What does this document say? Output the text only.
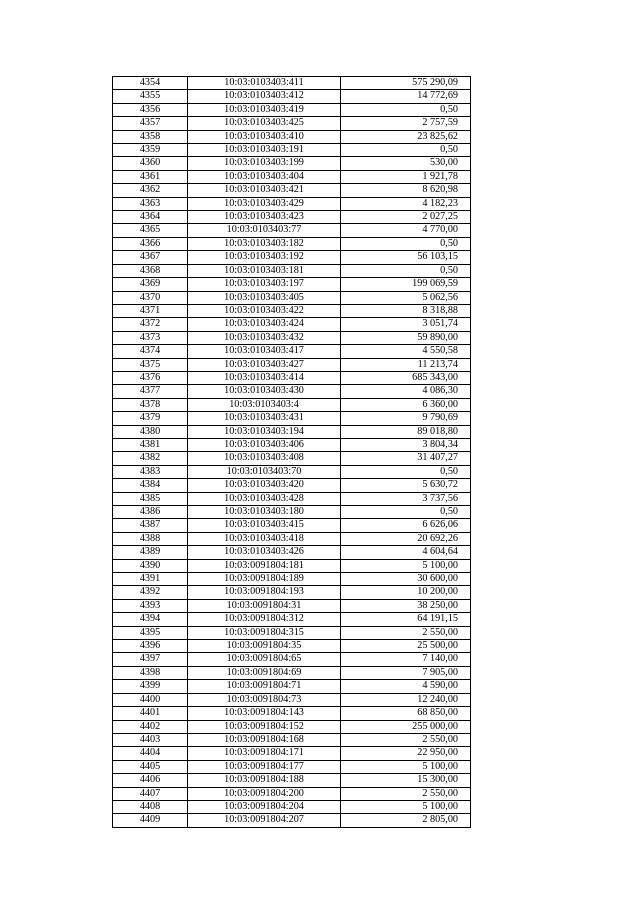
4354	10:03:0103403:411	575 290,09
4355	10:03:0103403:412	14 772,69
4356	10:03:0103403:419	0,50
4357	10:03:0103403:425	2 757,59
4358	10:03:0103403:410	23 825,62
4359	10:03:0103403:191	0,50
4360	10:03:0103403:199	530,00
4361	10:03:0103403:404	1 921,78
4362	10:03:0103403:421	8 620,98
4363	10:03:0103403:429	4 182,23
4364	10:03:0103403:423	2 027,25
4365	10:03:0103403:77	4 770,00
4366	10:03:0103403:182	0,50
4367	10:03:0103403:192	56 103,15
4368	10:03:0103403:181	0,50
4369	10:03:0103403:197	199 069,59
4370	10:03:0103403:405	5 062,56
4371	10:03:0103403:422	8 318,88
4372	10:03:0103403:424	3 051,74
4373	10:03:0103403:432	59 890,00
4374	10:03:0103403:417	4 550,58
4375	10:03:0103403:427	11 213,74
4376	10:03:0103403:414	685 343,00
4377	10:03:0103403:430	4 086,30
4378	10:03:0103403:4	6 360,00
4379	10:03:0103403:431	9 790,69
4380	10:03:0103403:194	89 018,80
4381	10:03:0103403:406	3 804,34
4382	10:03:0103403:408	31 407,27
4383	10:03:0103403:70	0,50
4384	10:03:0103403:420	5 630,72
4385	10:03:0103403:428	3 737,56
4386	10:03:0103403:180	0,50
4387	10:03:0103403:415	6 626,06
4388	10:03:0103403:418	20 692,26
4389	10:03:0103403:426	4 604,64
4390	10:03:0091804:181	5 100,00
4391	10:03:0091804:189	30 600,00
4392	10:03:0091804:193	10 200,00
4393	10:03:0091804:31	38 250,00
4394	10:03:0091804:312	64 191,15
4395	10:03:0091804:315	2 550,00
4396	10:03:0091804:35	25 500,00
4397	10:03:0091804:65	7 140,00
4398	10:03:0091804:69	7 905,00
4399	10:03:0091804:71	4 590,00
4400	10:03:0091804:73	12 240,00
4401	10:03:0091804:143	68 850,00
4402	10:03:0091804:152	255 000,00
4403	10:03:0091804:168	2 550,00
4404	10:03:0091804:171	22 950,00
4405	10:03:0091804:177	5 100,00
4406	10:03:0091804:188	15 300,00
4407	10:03:0091804:200	2 550,00
4408	10:03:0091804:204	5 100,00
4409	10:03:0091804:207	2 805,00
